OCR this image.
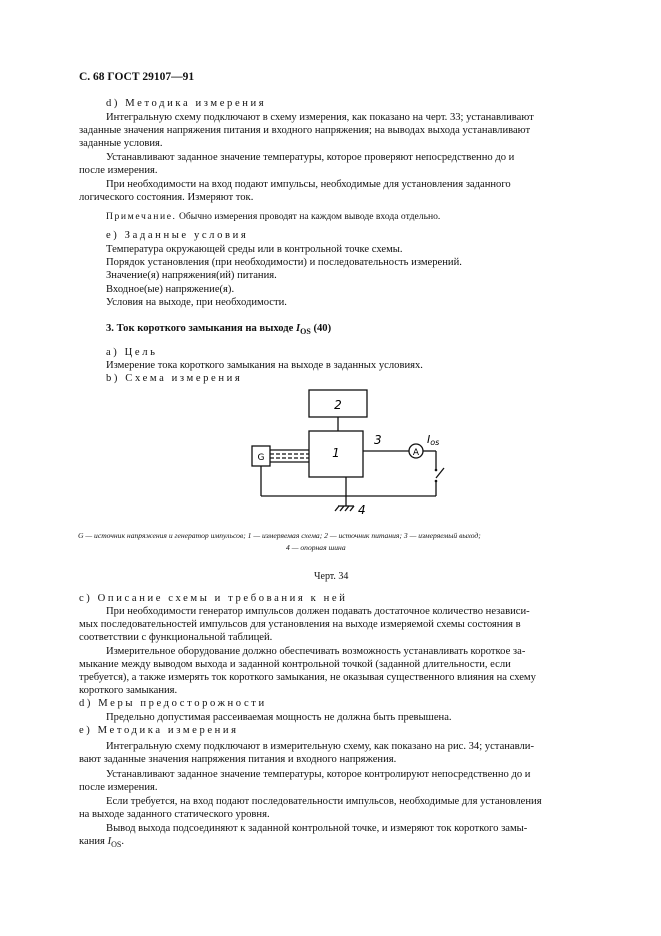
С. 68 ГОСТ 29107—91
d) Методика измерения
Интегральную схему подключают в схему измерения, как показано на черт. 33; устанавливают
заданные значения напряжения питания и входного напряжения; на выводах выхода устанавливают
заданные условия.
Устанавливают заданное значение температуры, которое проверяют непосредственно до и
после измерения.
При необходимости на вход подают импульсы, необходимые для установления заданного
логического состояния. Измеряют ток.
Примечание. Обычно измерения проводят на каждом выводе входа отдельно.
е) Заданные условия
Температура окружающей среды или в контрольной точке схемы.
Порядок установления (при необходимости) и последовательность измерений.
Значение(я) напряжения(ий) питания.
Входное(ые) напряжение(я).
Условия на выходе, при необходимости.
3. Ток короткого замыкания на выходе $I_{OS}$ (40)
а) Цель
Измерение тока короткого замыкания на выходе в заданных условиях.
b) Схема измерения
2
1
G	A
3
4
Ios
G — источник напряжения и генератор импульсов; 1 — измеряемая схема; 2 — источник питания; 3 — измеряемый выход;
4 — опорная шина
Черт. 34
с) Описание схемы и требования к ней
При необходимости генератор импульсов должен подавать достаточное количество независи-
мых последовательностей импульсов для установления на выходе измеряемой схемы состояния в
соответствии с функциональной таблицей.
Измерительное оборудование должно обеспечивать возможность устанавливать короткое за-
мыкание между выводом выхода и заданной контрольной точкой (заданной длительности, если
требуется), а также измерять ток короткого замыкания, не оказывая существенного влияния на схему
короткого замыкания.
d) Меры предосторожности
Предельно допустимая рассеиваемая мощность не должна быть превышена.
е) Методика измерения
Интегральную схему подключают в измерительную схему, как показано на рис. 34; устанавли-
вают заданные значения напряжения питания и входного напряжения.
Устанавливают заданное значение температуры, которое контролируют непосредственно до и
после измерения.
Если требуется, на вход подают последовательности импульсов, необходимые для установления
на выходе заданного статического уровня.
Вывод выхода подсоединяют к заданной контрольной точке, и измеряют ток короткого замы-
кания $I_{OS}$.
